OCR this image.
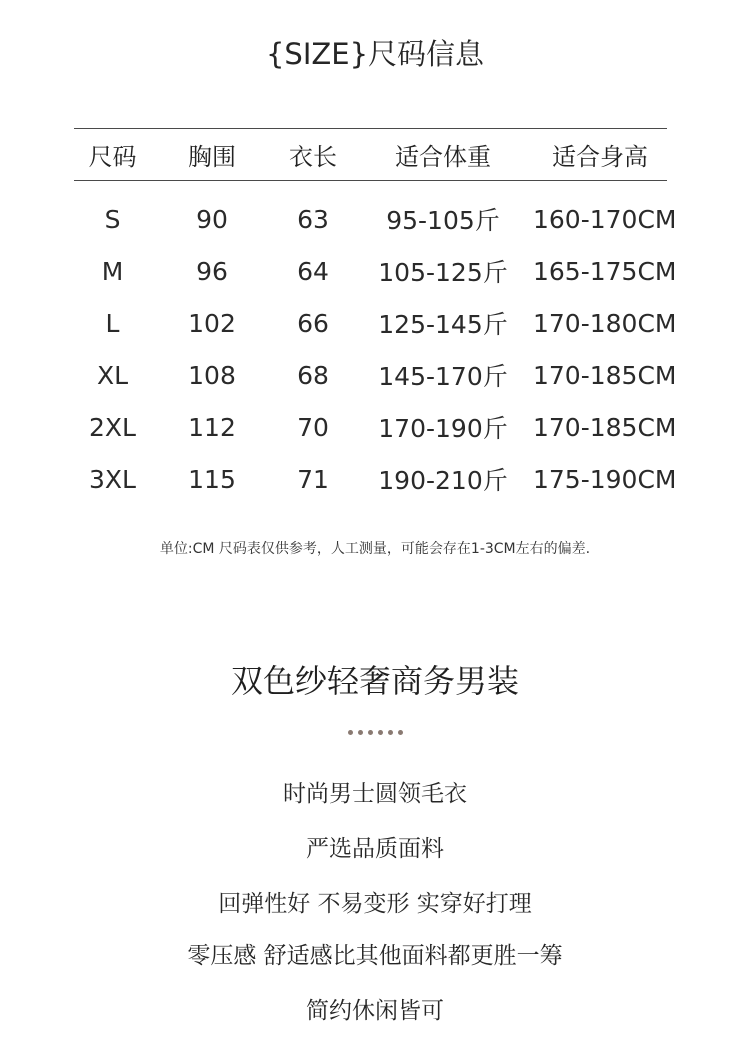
{SIZE}尺码信息
尺码	胸围	衣长	适合体重	适合身高
S	90	63	95-105斤	160-170CM
M	96	64	105-125斤	165-175CM
L	102	66	125-145斤	170-180CM
XL	108	68	145-170斤	170-185CM
2XL	112	70	170-190斤	170-185CM
3XL	115	71	190-210斤	175-190CM
单位:CM 尺码表仅供参考，人工测量，可能会存在1-3CM左右的偏差.
双色纱轻奢商务男装
时尚男士圆领毛衣
严选品质面料
回弹性好 不易变形 实穿好打理
零压感 舒适感比其他面料都更胜一筹
简约休闲皆可
